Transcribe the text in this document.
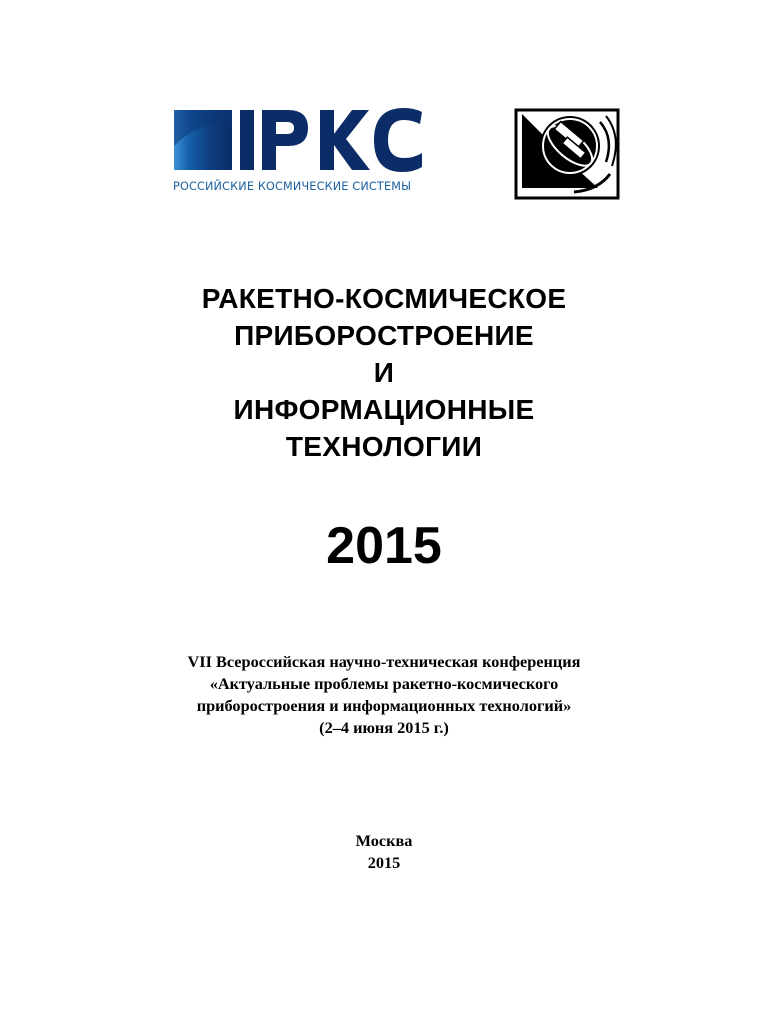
РОССИЙСКИЕ КОСМИЧЕСКИЕ СИСТЕМЫ
РАКЕТНО-КОСМИЧЕСКОЕ
ПРИБОРОСТРОЕНИЕ
И
ИНФОРМАЦИОННЫЕ
ТЕХНОЛОГИИ
2015
VII Всероссийская научно-техническая конференция
«Актуальные проблемы ракетно-космического
приборостроения и информационных технологий»
(2–4 июня 2015 г.)
Москва
2015
